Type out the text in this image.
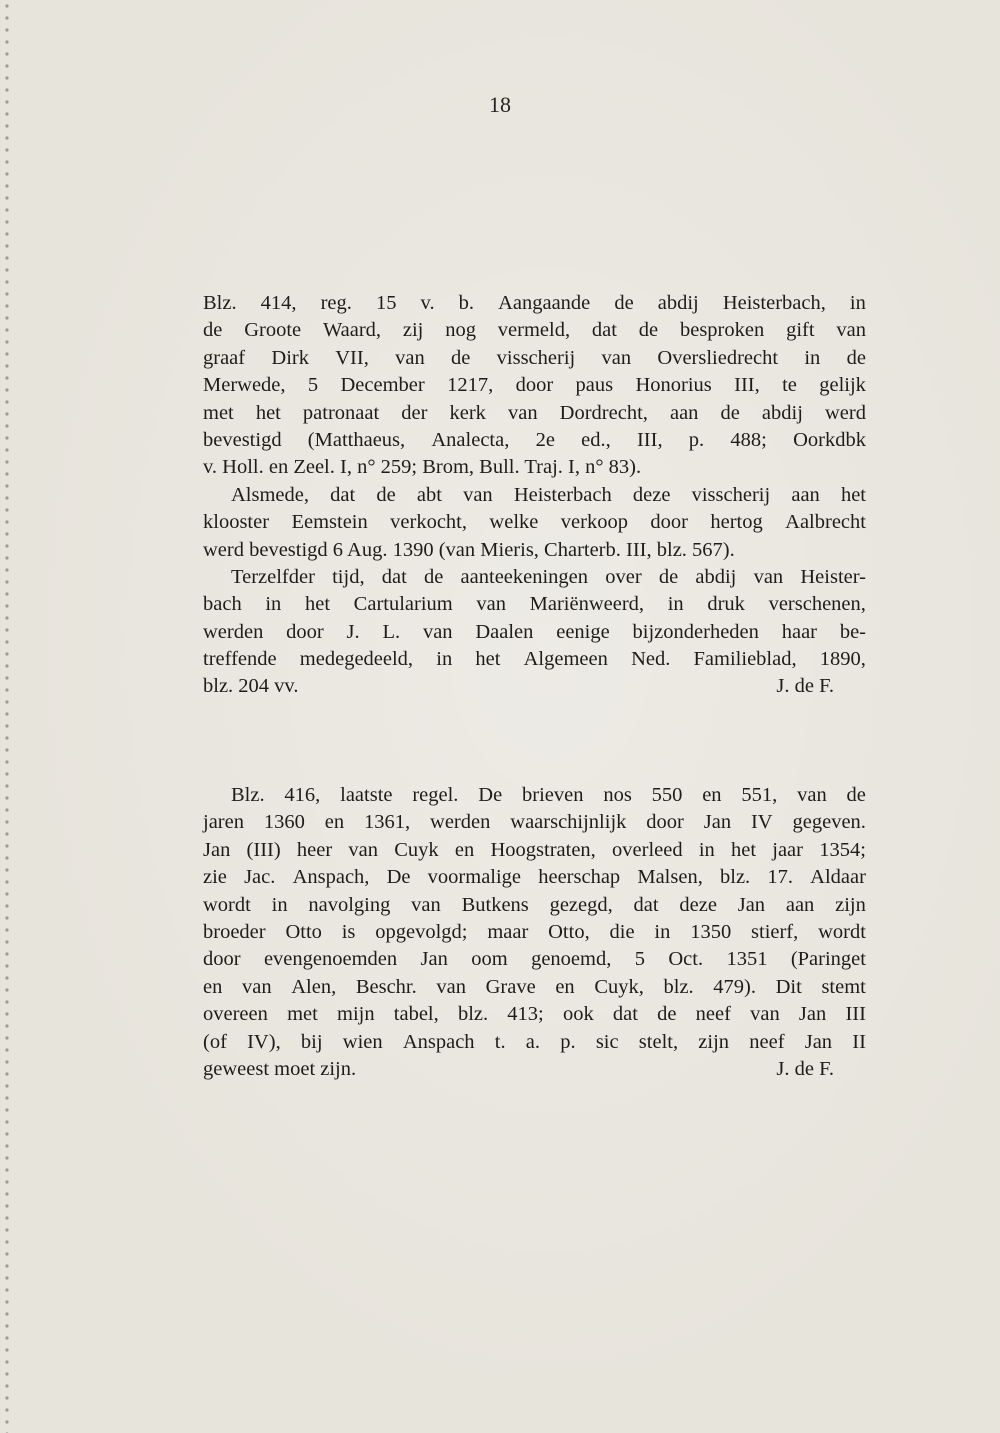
18
Blz. 414, reg. 15 v. b. Aangaande de abdij Heisterbach, in
de Groote Waard, zij nog vermeld, dat de besproken gift van
graaf Dirk VII, van de visscherij van Oversliedrecht in de
Merwede, 5 December 1217, door paus Honorius III, te gelijk
met het patronaat der kerk van Dordrecht, aan de abdij werd
bevestigd (Matthaeus, Analecta, 2e ed., III, p. 488; Oorkdbk
v. Holl. en Zeel. I, n° 259; Brom, Bull. Traj. I, n° 83).
Alsmede, dat de abt van Heisterbach deze visscherij aan het
klooster Eemstein verkocht, welke verkoop door hertog Aalbrecht
werd bevestigd 6 Aug. 1390 (van Mieris, Charterb. III, blz. 567).
Terzelfder tijd, dat de aanteekeningen over de abdij van Heister-
bach in het Cartularium van Mariënweerd, in druk verschenen,
werden door J. L. van Daalen eenige bijzonderheden haar be-
treffende medegedeeld, in het Algemeen Ned. Familieblad, 1890,
blz. 204 vv.	J. de F.
Blz. 416, laatste regel. De brieven nos 550 en 551, van de
jaren 1360 en 1361, werden waarschijnlijk door Jan IV gegeven.
Jan (III) heer van Cuyk en Hoogstraten, overleed in het jaar 1354;
zie Jac. Anspach, De voormalige heerschap Malsen, blz. 17. Aldaar
wordt in navolging van Butkens gezegd, dat deze Jan aan zijn
broeder Otto is opgevolgd; maar Otto, die in 1350 stierf, wordt
door evengenoemden Jan oom genoemd, 5 Oct. 1351 (Paringet
en van Alen, Beschr. van Grave en Cuyk, blz. 479). Dit stemt
overeen met mijn tabel, blz. 413; ook dat de neef van Jan III
(of IV), bij wien Anspach t. a. p. sic stelt, zijn neef Jan II
geweest moet zijn.	J. de F.
